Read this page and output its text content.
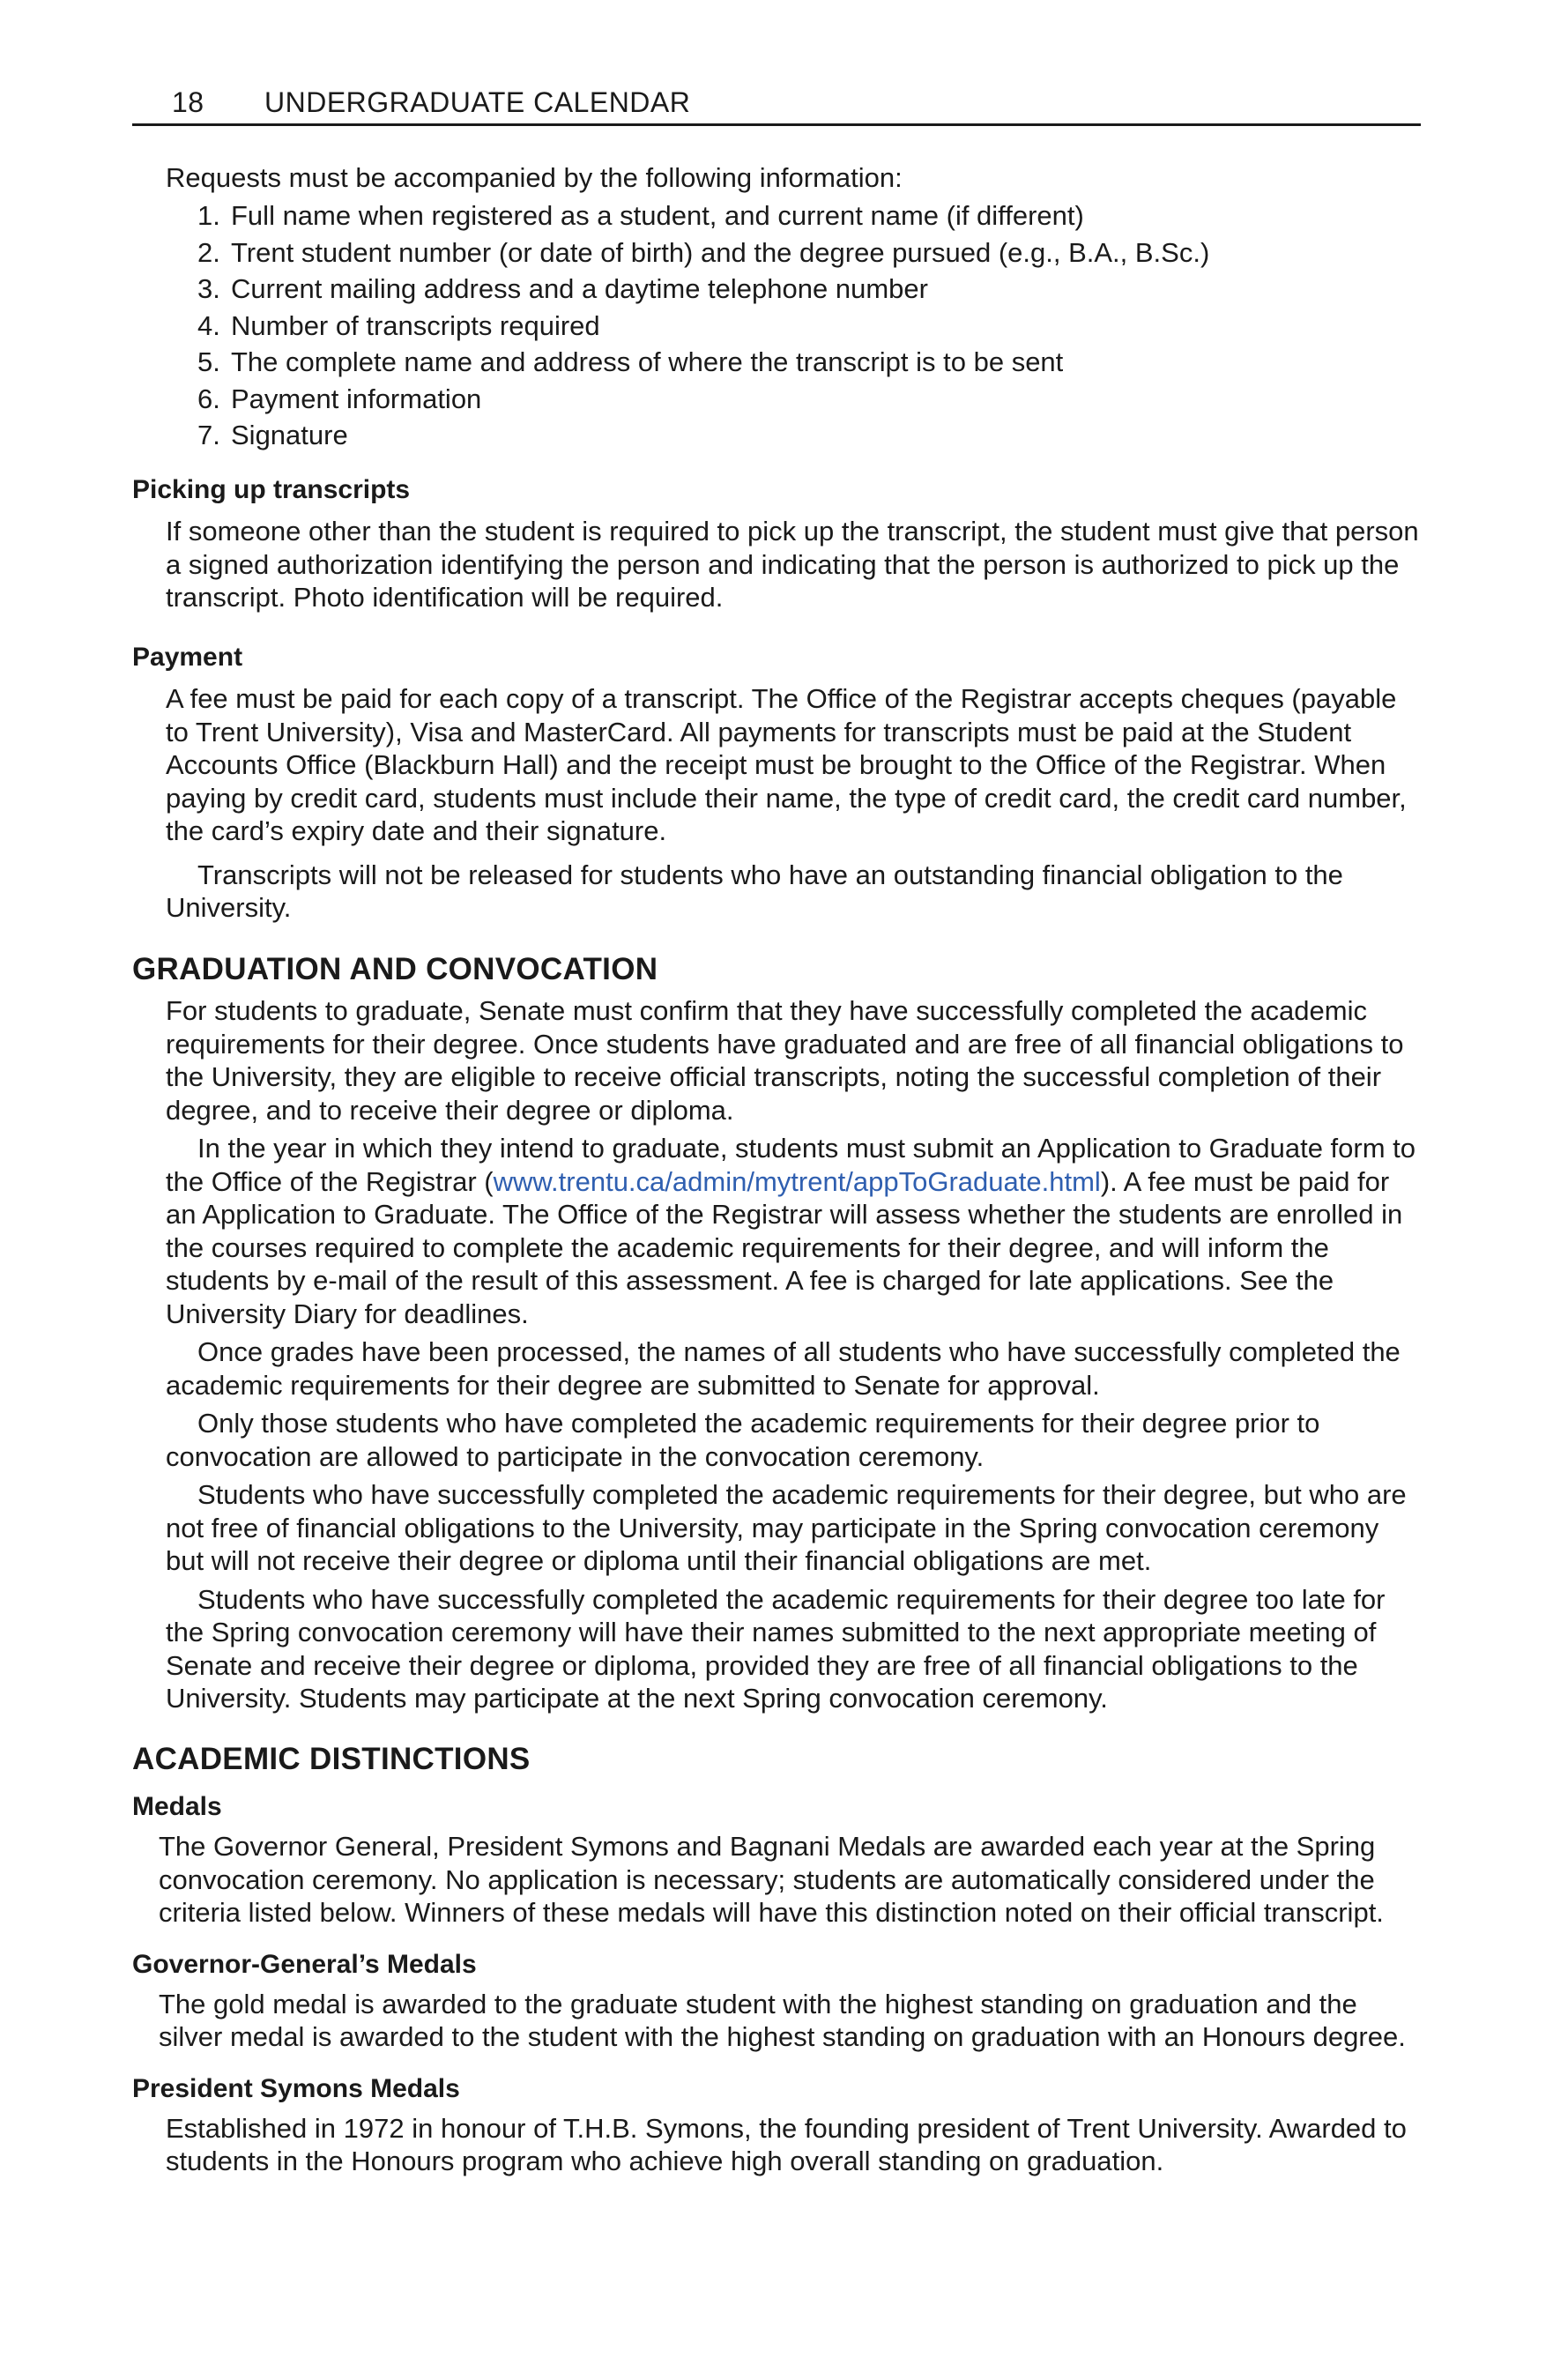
18 UNDERGRADUATE CALENDAR

Requests must be accompanied by the following information:

1. Full name when registered as a student, and current name (if different)
2. Trent student number (or date of birth) and the degree pursued (e.g., B.A., B.Sc.)
3. Current mailing address and a daytime telephone number
4. Number of transcripts required
5. The complete name and address of where the transcript is to be sent
6. Payment information
7. Signature
Picking up transcripts

If someone other than the student is required to pick up the transcript, the student must give that person a signed authorization identifying the person and indicating that the person is authorized to pick up the transcript. Photo identification will be required.

Payment

A fee must be paid for each copy of a transcript. The Office of the Registrar accepts cheques (payable to Trent University), Visa and MasterCard. All payments for transcripts must be paid at the Student Accounts Office (Blackburn Hall) and the receipt must be brought to the Office of the Registrar. When paying by credit card, students must include their name, the type of credit card, the credit card number, the card’s expiry date and their signature.

Transcripts will not be released for students who have an outstanding financial obligation to the University.

GRADUATION AND CONVOCATION

For students to graduate, Senate must confirm that they have successfully completed the academic requirements for their degree. Once students have graduated and are free of all financial obligations to the University, they are eligible to receive official transcripts, noting the successful completion of their degree, and to receive their degree or diploma.

In the year in which they intend to graduate, students must submit an Application to Graduate form to the Office of the Registrar (www.trentu.ca/admin/mytrent/appToGraduate.html). A fee must be paid for an Application to Graduate. The Office of the Registrar will assess whether the students are enrolled in the courses required to complete the academic requirements for their degree, and will inform the students by e-mail of the result of this assessment. A fee is charged for late applications. See the University Diary for deadlines.

Once grades have been processed, the names of all students who have successfully completed the academic requirements for their degree are submitted to Senate for approval.

Only those students who have completed the academic requirements for their degree prior to convocation are allowed to participate in the convocation ceremony.

Students who have successfully completed the academic requirements for their degree, but who are not free of financial obligations to the University, may participate in the Spring convocation ceremony but will not receive their degree or diploma until their financial obligations are met.

Students who have successfully completed the academic requirements for their degree too late for the Spring convocation ceremony will have their names submitted to the next appropriate meeting of Senate and receive their degree or diploma, provided they are free of all financial obligations to the University. Students may participate at the next Spring convocation ceremony.

ACADEMIC DISTINCTIONS
Medals

The Governor General, President Symons and Bagnani Medals are awarded each year at the Spring convocation ceremony. No application is necessary; students are automatically considered under the criteria listed below. Winners of these medals will have this distinction noted on their official transcript.

Governor-General’s Medals

The gold medal is awarded to the graduate student with the highest standing on graduation and the silver medal is awarded to the student with the highest standing on graduation with an Honours degree.

President Symons Medals

Established in 1972 in honour of T.H.B. Symons, the founding president of Trent University. Awarded to students in the Honours program who achieve high overall standing on graduation.
